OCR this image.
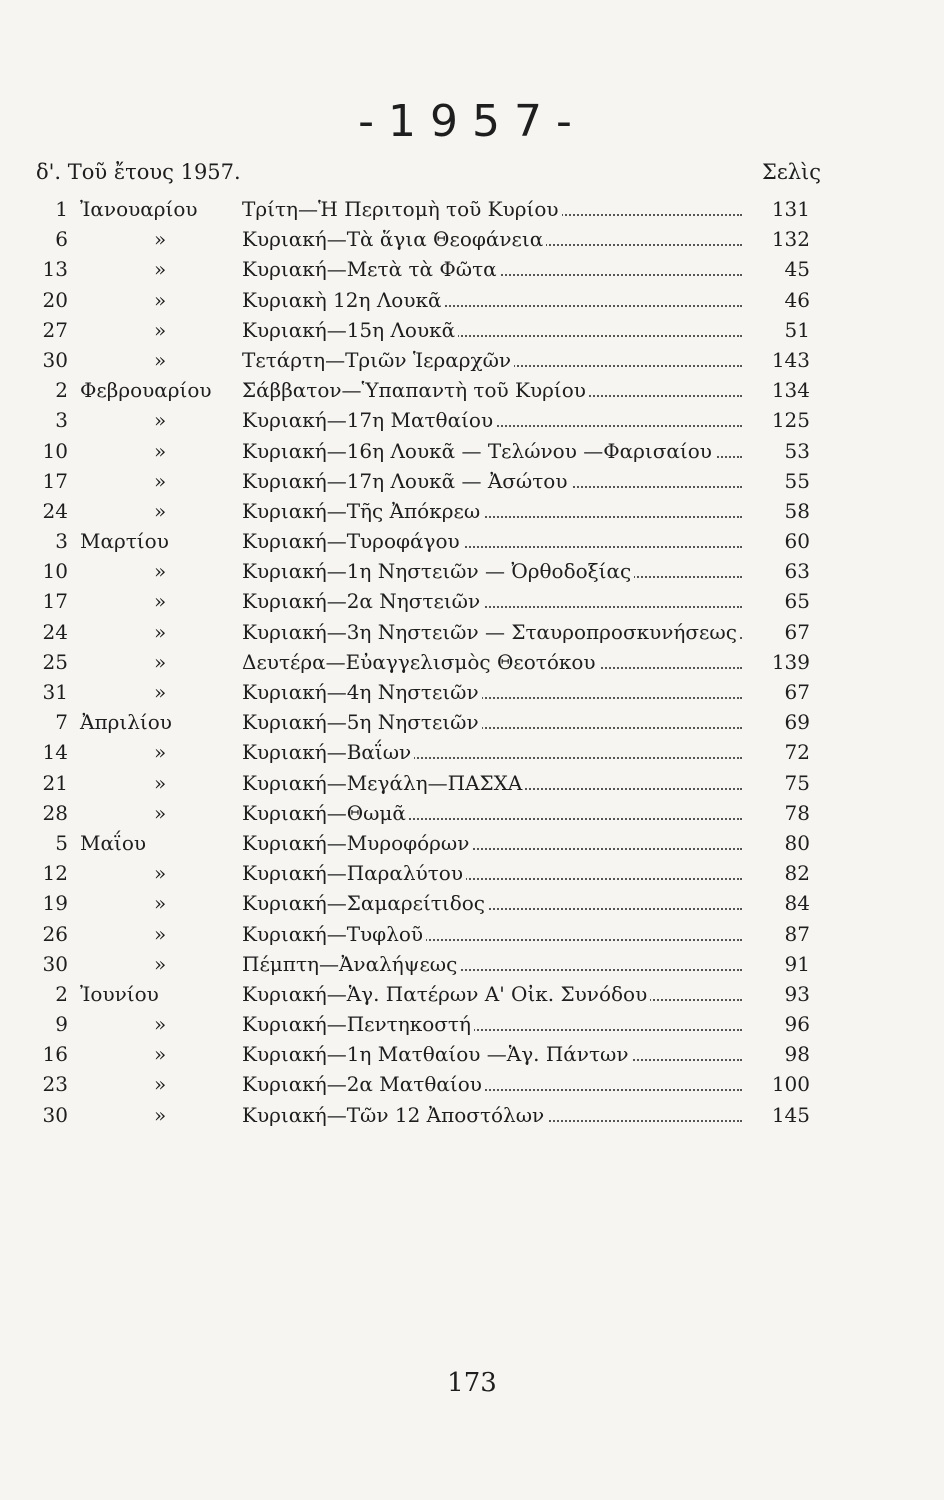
-1957-
δ'. Τοῦ ἔτους 1957.	Σελὶς
1 Ἰανουαρίου	Τρίτη—Ἡ Περιτομὴ τοῦ Κυρίου	131
6	»	Κυριακή—Τὰ ἅγια Θεοφάνεια	132
13	»	Κυριακή—Μετὰ τὰ Φῶτα	45
20	»	Κυριακὴ 12η Λουκᾶ	46
27	»	Κυριακή—15η Λουκᾶ	51
30	»	Τετάρτη—Τριῶν Ἱεραρχῶν	143
2 Φεβρουαρίου	Σάββατον—Ὑπαπαντὴ τοῦ Κυρίου	134
3	»	Κυριακή—17η Ματθαίου	125
10	»	Κυριακή—16η Λουκᾶ — Τελώνου —Φαρισαίου	53
17	»	Κυριακή—17η Λουκᾶ — Ἀσώτου	55
24	»	Κυριακή—Τῆς Ἀπόκρεω	58
3 Μαρτίου	Κυριακή—Τυροφάγου	60
10	»	Κυριακή—1η Νηστειῶν — Ὀρθοδοξίας	63
17	»	Κυριακή—2α Νηστειῶν	65
24	»	Κυριακή—3η Νηστειῶν — Σταυροπροσκυνήσεως	67
25	»	Δευτέρα—Εὐαγγελισμὸς Θεοτόκου	139
31	»	Κυριακή—4η Νηστειῶν	67
7 Ἀπριλίου	Κυριακή—5η Νηστειῶν	69
14	»	Κυριακή—Βαΐων	72
21	»	Κυριακή—Μεγάλη—ΠΑΣΧΑ	75
28	»	Κυριακή—Θωμᾶ	78
5 Μαΐου	Κυριακή—Μυροφόρων	80
12	»	Κυριακή—Παραλύτου	82
19	»	Κυριακή—Σαμαρείτιδος	84
26	»	Κυριακή—Τυφλοῦ	87
30	»	Πέμπτη—Ἀναλήψεως	91
2 Ἰουνίου	Κυριακή—Ἁγ. Πατέρων Α' Οἰκ. Συνόδου	93
9	»	Κυριακή—Πεντηκοστή	96
16	»	Κυριακή—1η Ματθαίου —Ἁγ. Πάντων	98
23	»	Κυριακή—2α Ματθαίου	100
30	»	Κυριακή—Τῶν 12 Ἀποστόλων	145
173
